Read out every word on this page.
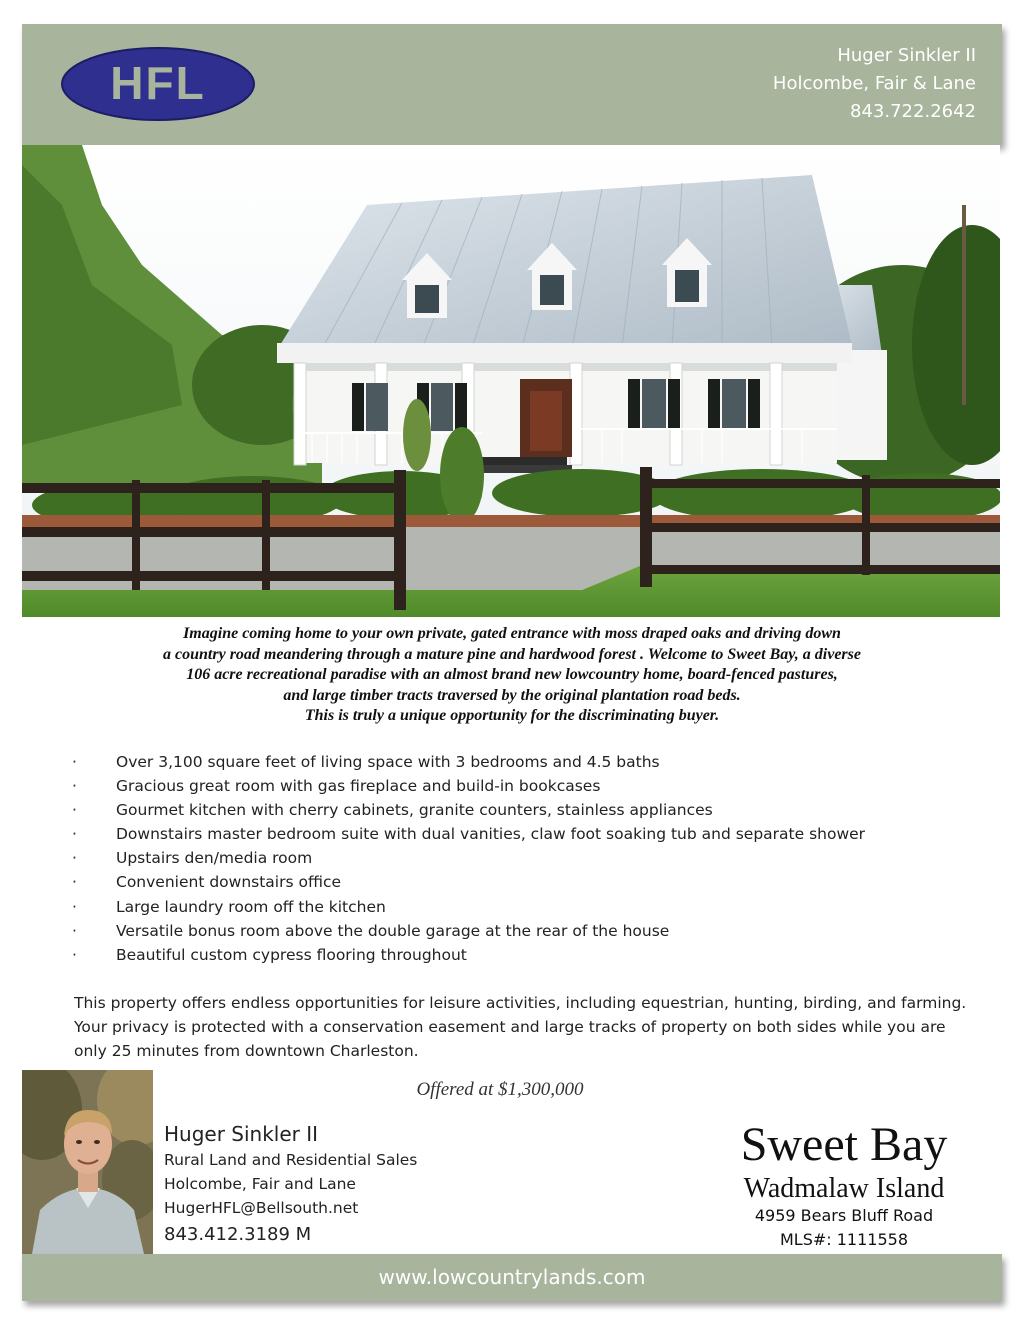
HFL
Huger Sinkler II
Holcombe, Fair & Lane
843.722.2642

Imagine coming home to your own private, gated entrance with moss draped oaks and driving down

a country road meandering through a mature pine and hardwood forest . Welcome to Sweet Bay, a diverse

106 acre recreational paradise with an almost brand new lowcountry home, board-fenced pastures,

and large timber tracts traversed by the original plantation road beds.

This is truly a unique opportunity for the discriminating buyer.

·	Over 3,100 square feet of living space with 3 bedrooms and 4.5 baths
·	Gracious great room with gas fireplace and build-in bookcases
·	Gourmet kitchen with cherry cabinets, granite counters, stainless appliances
·	Downstairs master bedroom suite with dual vanities, claw foot soaking tub and separate shower
·	Upstairs den/media room
·	Convenient downstairs office
·	Large laundry room off the kitchen
·	Versatile bonus room above the double garage at the rear of the house
·	Beautiful custom cypress flooring throughout

This property offers endless opportunities for leisure activities, including equestrian, hunting, birding, and farming. Your privacy is protected with a conservation easement and large tracks of property on both sides while you are only 25 minutes from downtown Charleston.

Offered at $1,300,000
Huger Sinkler II
Rural Land and Residential Sales
Holcombe, Fair and Lane
HugerHFL@Bellsouth.net
843.412.3189 M
Sweet Bay
Wadmalaw Island
4959 Bears Bluff Road
MLS#: 1111558
www.lowcountrylands.com
